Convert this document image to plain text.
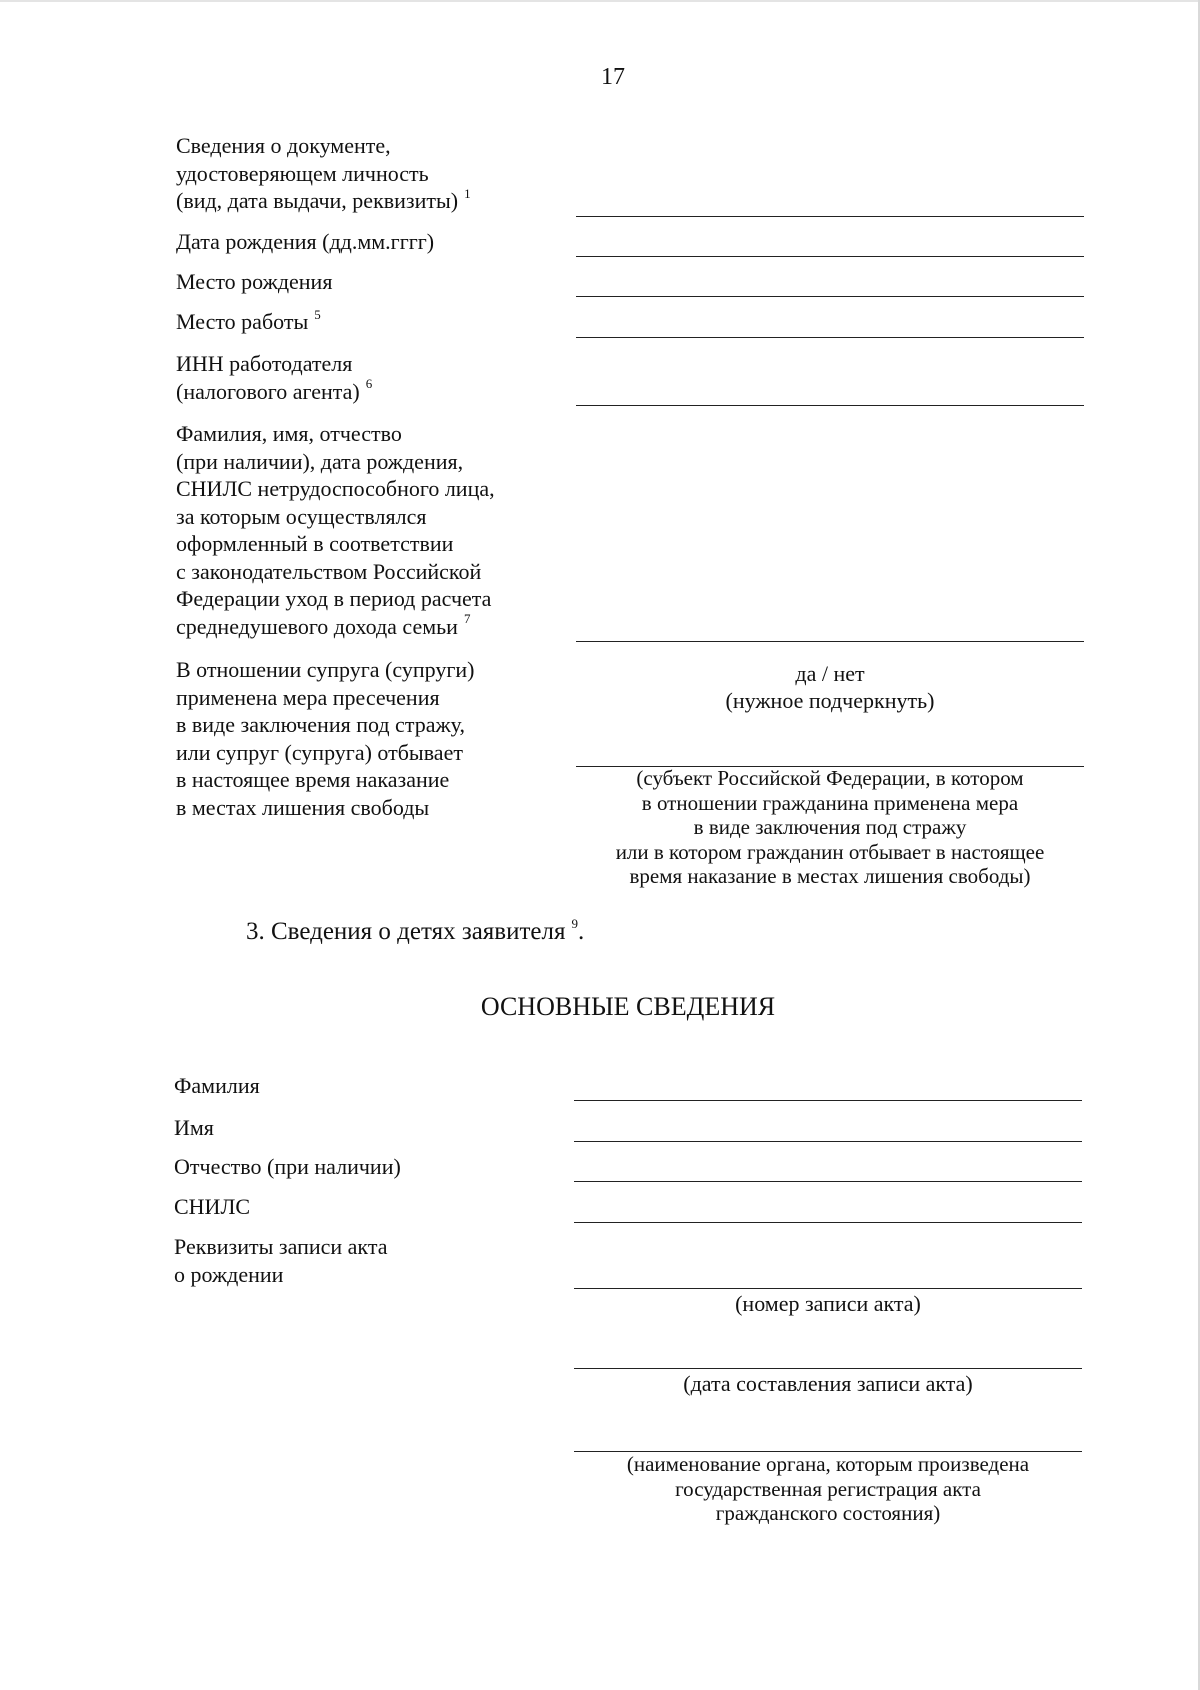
17
Сведения о документе,
удостоверяющем личность
(вид, дата выдачи, реквизиты) $^1$
Дата рождения (дд.мм.гггг)
Место рождения
Место работы $^5$
ИНН работодателя
(налогового агента) $^6$
Фамилия, имя, отчество
(при наличии), дата рождения,
СНИЛС нетрудоспособного лица,
за которым осуществлялся
оформленный в соответствии
с законодательством Российской
Федерации уход в период расчета
среднедушевого дохода семьи $^7$
В отношении супруга (супруги)
применена мера пресечения
в виде заключения под стражу,
или супруг (супруга) отбывает
в настоящее время наказание
в местах лишения свободы
да / нет
(нужное подчеркнуть)
(субъект Российской Федерации, в котором
в отношении гражданина применена мера
в виде заключения под стражу
или в котором гражданин отбывает в настоящее
время наказание в местах лишения свободы)
3. Сведения о детях заявителя $^9$.
ОСНОВНЫЕ СВЕДЕНИЯ
Фамилия
Имя
Отчество (при наличии)
СНИЛС
Реквизиты записи акта
о рождении
(номер записи акта)
(дата составления записи акта)
(наименование органа, которым произведена
государственная регистрация акта
гражданского состояния)
